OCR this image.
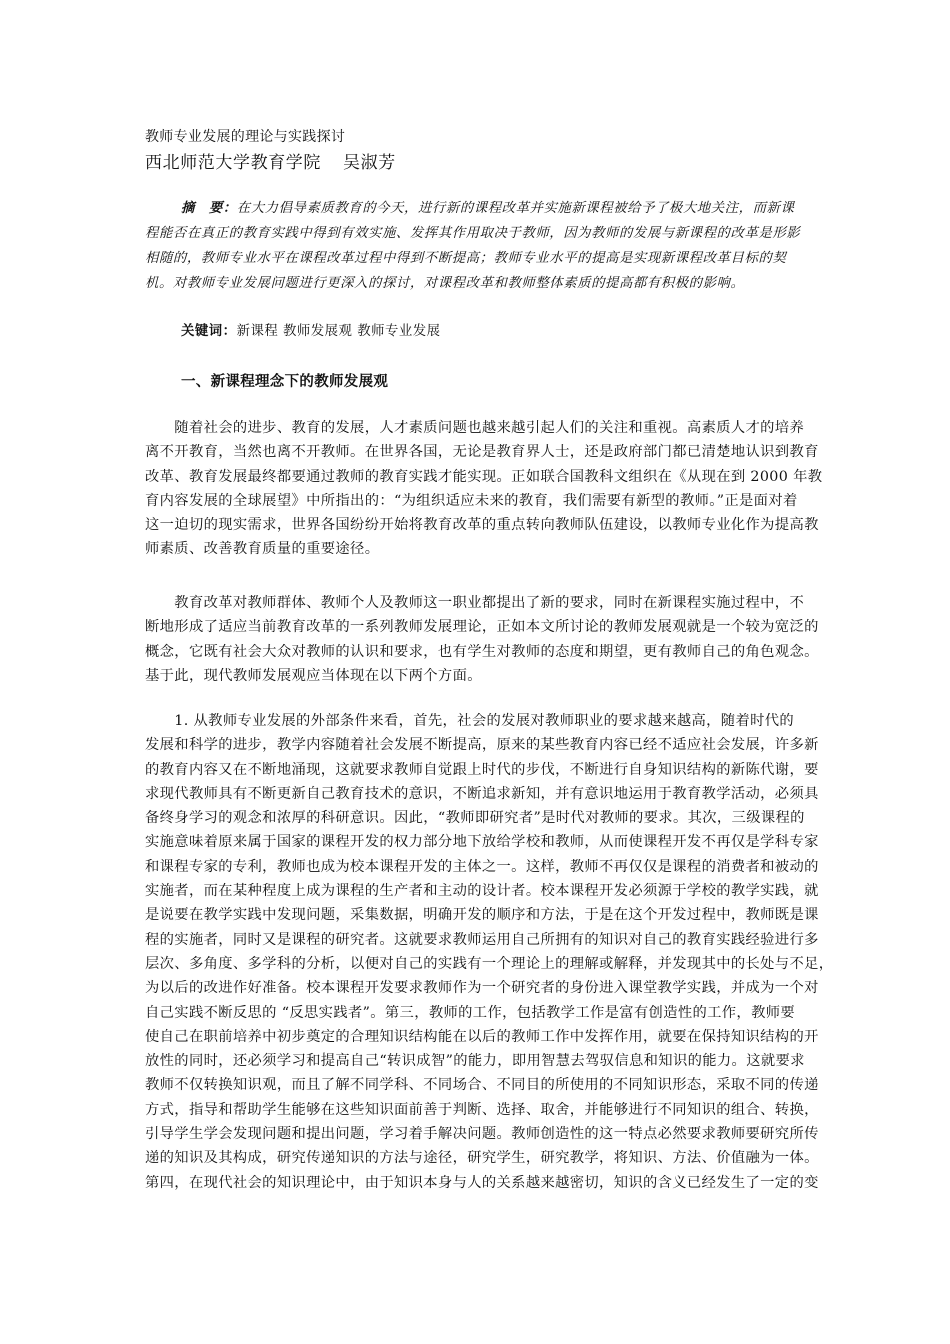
教师专业发展的理论与实践探讨
西北师范大学教育学院 吴淑芳
摘　要：在大力倡导素质教育的今天，进行新的课程改革并实施新课程被给予了极大地关注，而新课程能否在真正的教育实践中得到有效实施、发挥其作用取决于教师，因为教师的发展与新课程的改革是形影相随的，教师专业水平在课程改革过程中得到不断提高；教师专业水平的提高是实现新课程改革目标的契机。对教师专业发展问题进行更深入的探讨，对课程改革和教师整体素质的提高都有积极的影响。
关键词：新课程 教师发展观 教师专业发展
一、新课程理念下的教师发展观
　　随着社会的进步、教育的发展，人才素质问题也越来越引起人们的关注和重视。高素质人才的培养
离不开教育，当然也离不开教师。在世界各国，无论是教育界人士，还是政府部门都已清楚地认识到教育
改革、教育发展最终都要通过教师的教育实践才能实现。正如联合国教科文组织在《从现在到 2000 年教
育内容发展的全球展望》中所指出的：“为组织适应未来的教育，我们需要有新型的教师。”正是面对着
这一迫切的现实需求，世界各国纷纷开始将教育改革的重点转向教师队伍建设，以教师专业化作为提高教
师素质、改善教育质量的重要途径。
　　教育改革对教师群体、教师个人及教师这一职业都提出了新的要求，同时在新课程实施过程中，不
断地形成了适应当前教育改革的一系列教师发展理论，正如本文所讨论的教师发展观就是一个较为宽泛的
概念，它既有社会大众对教师的认识和要求，也有学生对教师的态度和期望，更有教师自己的角色观念。
基于此，现代教师发展观应当体现在以下两个方面。
　　1. 从教师专业发展的外部条件来看，首先，社会的发展对教师职业的要求越来越高，随着时代的
发展和科学的进步，教学内容随着社会发展不断提高，原来的某些教育内容已经不适应社会发展，许多新
的教育内容又在不断地涌现，这就要求教师自觉跟上时代的步伐，不断进行自身知识结构的新陈代谢，要
求现代教师具有不断更新自己教育技术的意识，不断追求新知，并有意识地运用于教育教学活动，必须具
备终身学习的观念和浓厚的科研意识。因此，“教师即研究者”是时代对教师的要求。其次，三级课程的
实施意味着原来属于国家的课程开发的权力部分地下放给学校和教师，从而使课程开发不再仅是学科专家
和课程专家的专利，教师也成为校本课程开发的主体之一。这样，教师不再仅仅是课程的消费者和被动的
实施者，而在某种程度上成为课程的生产者和主动的设计者。校本课程开发必须源于学校的教学实践，就
是说要在教学实践中发现问题，采集数据，明确开发的顺序和方法，于是在这个开发过程中，教师既是课
程的实施者，同时又是课程的研究者。这就要求教师运用自己所拥有的知识对自己的教育实践经验进行多
层次、多角度、多学科的分析，以便对自己的实践有一个理论上的理解或解释，并发现其中的长处与不足，
为以后的改进作好准备。校本课程开发要求教师作为一个研究者的身份进入课堂教学实践，并成为一个对
自己实践不断反思的 “反思实践者”。第三，教师的工作，包括教学工作是富有创造性的工作，教师要
使自己在职前培养中初步奠定的合理知识结构能在以后的教师工作中发挥作用，就要在保持知识结构的开
放性的同时，还必须学习和提高自己“转识成智”的能力，即用智慧去驾驭信息和知识的能力。这就要求
教师不仅转换知识观，而且了解不同学科、不同场合、不同目的所使用的不同知识形态，采取不同的传递
方式，指导和帮助学生能够在这些知识面前善于判断、选择、取舍，并能够进行不同知识的组合、转换，
引导学生学会发现问题和提出问题，学习着手解决问题。教师创造性的这一特点必然要求教师要研究所传
递的知识及其构成，研究传递知识的方法与途径，研究学生，研究教学，将知识、方法、价值融为一体。
第四，在现代社会的知识理论中，由于知识本身与人的关系越来越密切，知识的含义已经发生了一定的变
